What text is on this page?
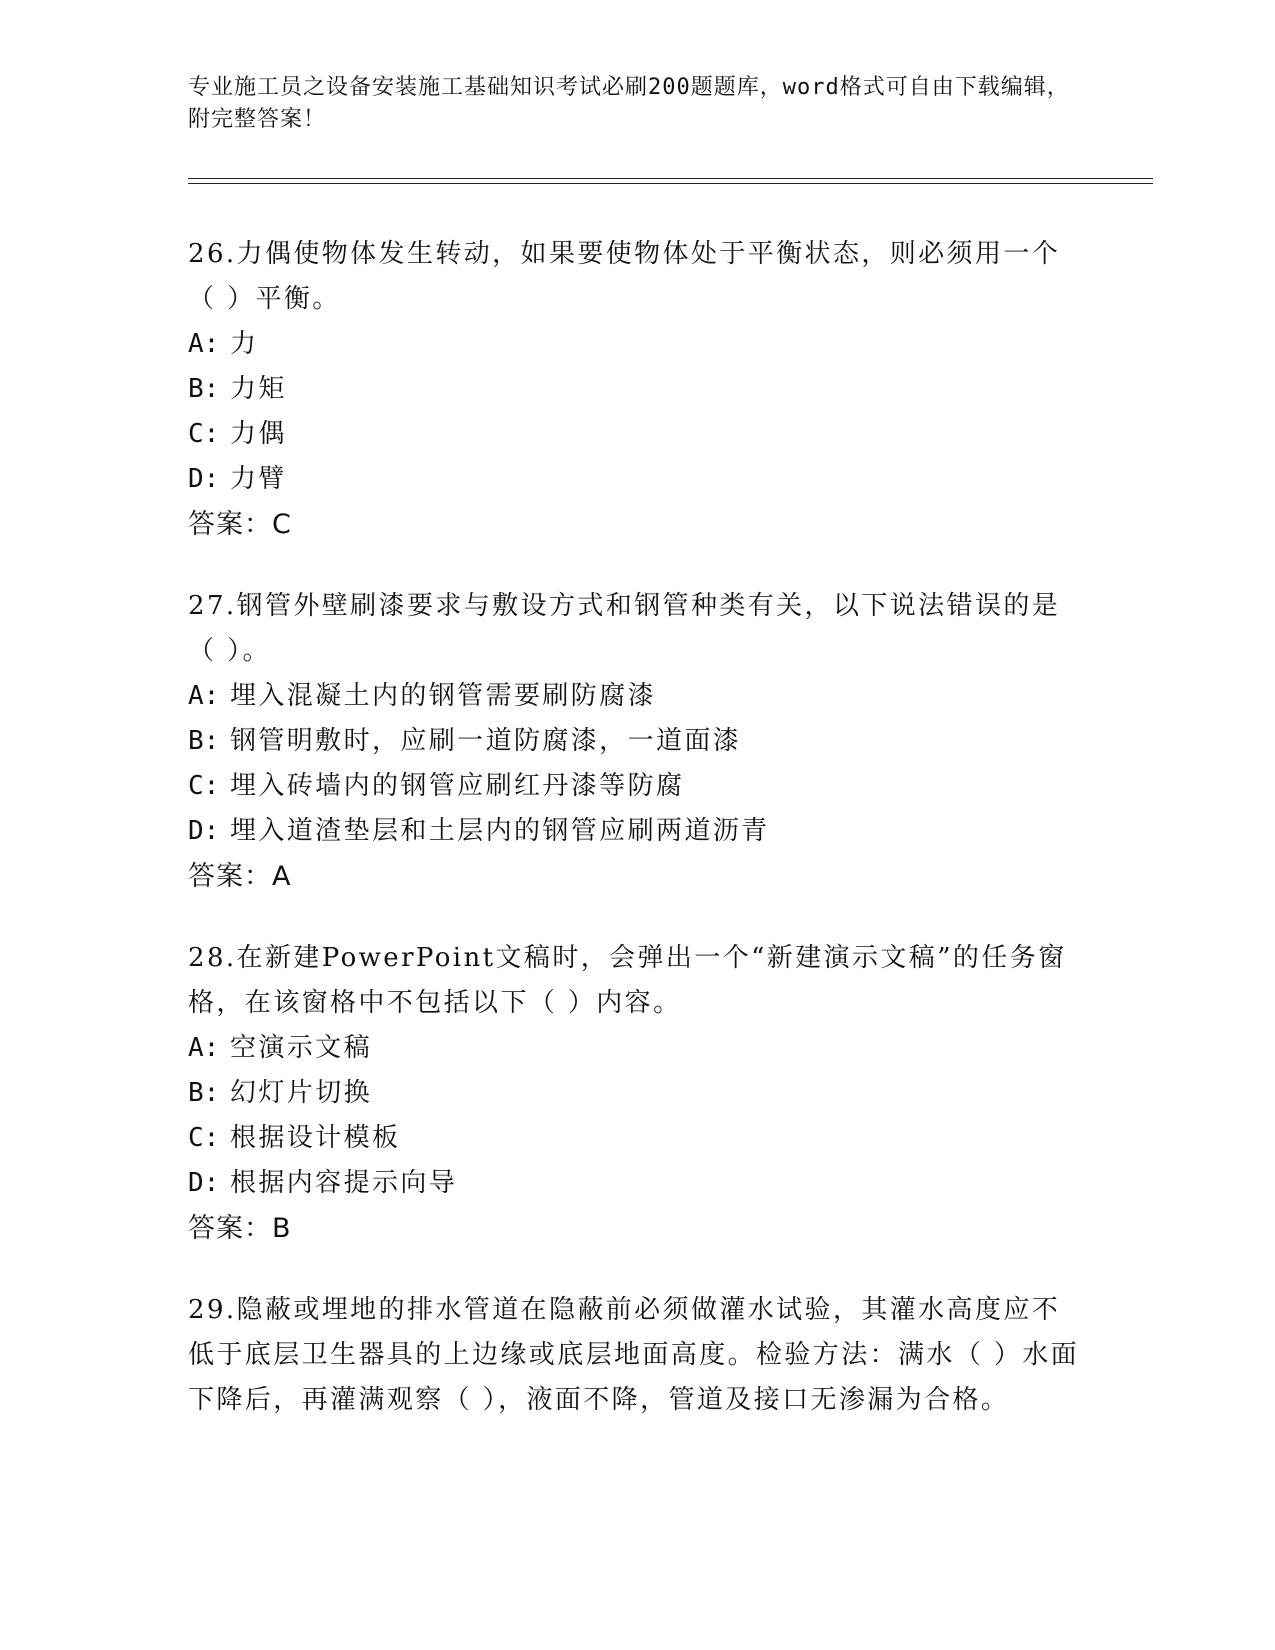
专业施工员之设备安装施工基础知识考试必刷200题题库，word格式可自由下载编辑，附完整答案！
26.力偶使物体发生转动，如果要使物体处于平衡状态，则必须用一个（ ）平衡。
A: 力
B: 力矩
C: 力偶
D: 力臂
答案：C
27.钢管外壁刷漆要求与敷设方式和钢管种类有关，以下说法错误的是（ ）。
A: 埋入混凝土内的钢管需要刷防腐漆
B: 钢管明敷时，应刷一道防腐漆，一道面漆
C: 埋入砖墙内的钢管应刷红丹漆等防腐
D: 埋入道渣垫层和土层内的钢管应刷两道沥青
答案：A
28.在新建PowerPoint文稿时，会弹出一个“新建演示文稿”的任务窗格，在该窗格中不包括以下（ ）内容。
A: 空演示文稿
B: 幻灯片切换
C: 根据设计模板
D: 根据内容提示向导
答案：B
29.隐蔽或埋地的排水管道在隐蔽前必须做灌水试验，其灌水高度应不低于底层卫生器具的上边缘或底层地面高度。检验方法：满水（ ）水面下降后，再灌满观察（ ），液面不降，管道及接口无渗漏为合格。
